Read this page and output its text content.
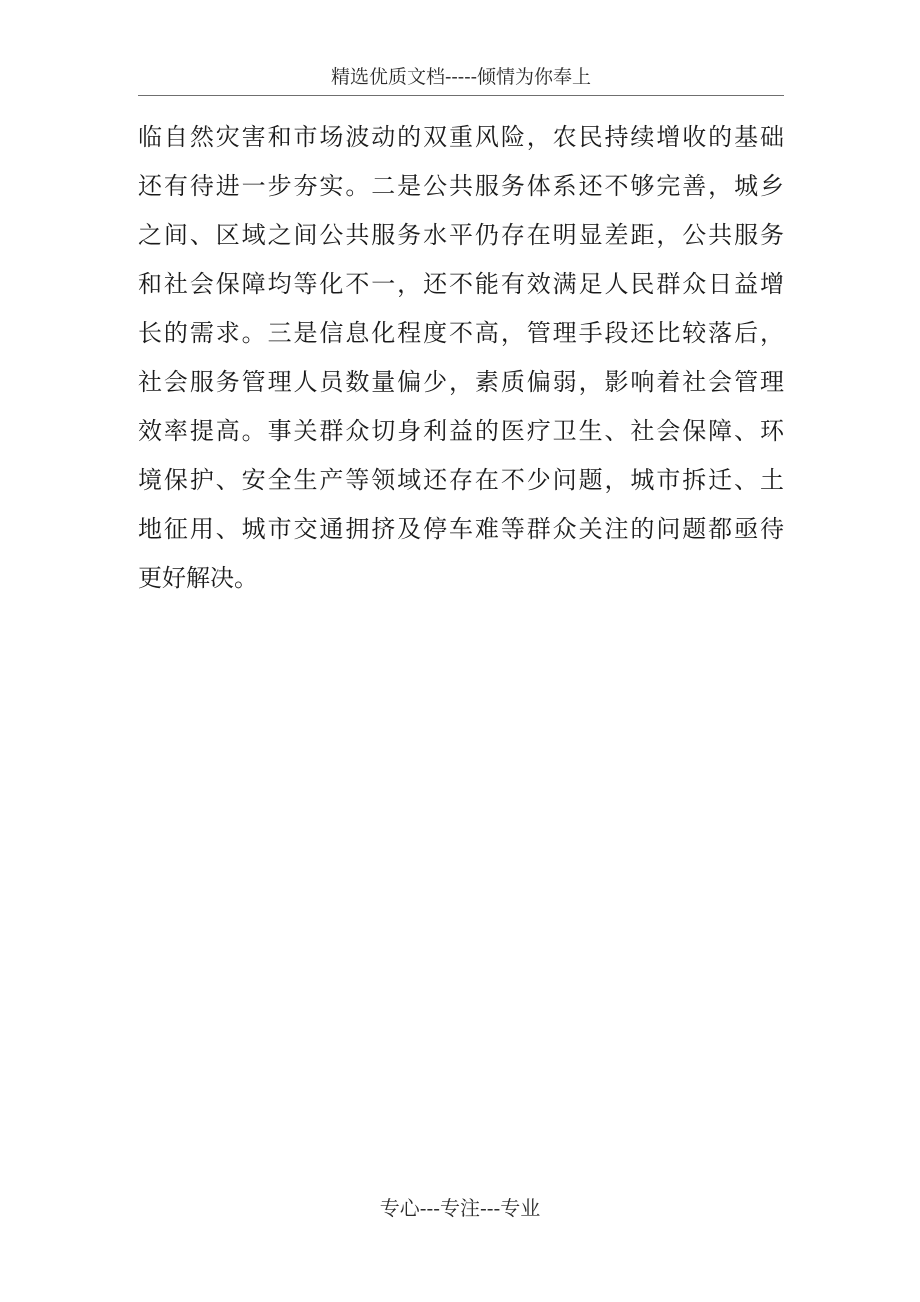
精选优质文档-----倾情为你奉上
临自然灾害和市场波动的双重风险，农民持续增收的基础
还有待进一步夯实。二是公共服务体系还不够完善，城乡
之间、区域之间公共服务水平仍存在明显差距，公共服务
和社会保障均等化不一，还不能有效满足人民群众日益增
长的需求。三是信息化程度不高，管理手段还比较落后，
社会服务管理人员数量偏少，素质偏弱，影响着社会管理
效率提高。事关群众切身利益的医疗卫生、社会保障、环
境保护、安全生产等领域还存在不少问题，城市拆迁、土
地征用、城市交通拥挤及停车难等群众关注的问题都亟待
更好解决。
专心---专注---专业
